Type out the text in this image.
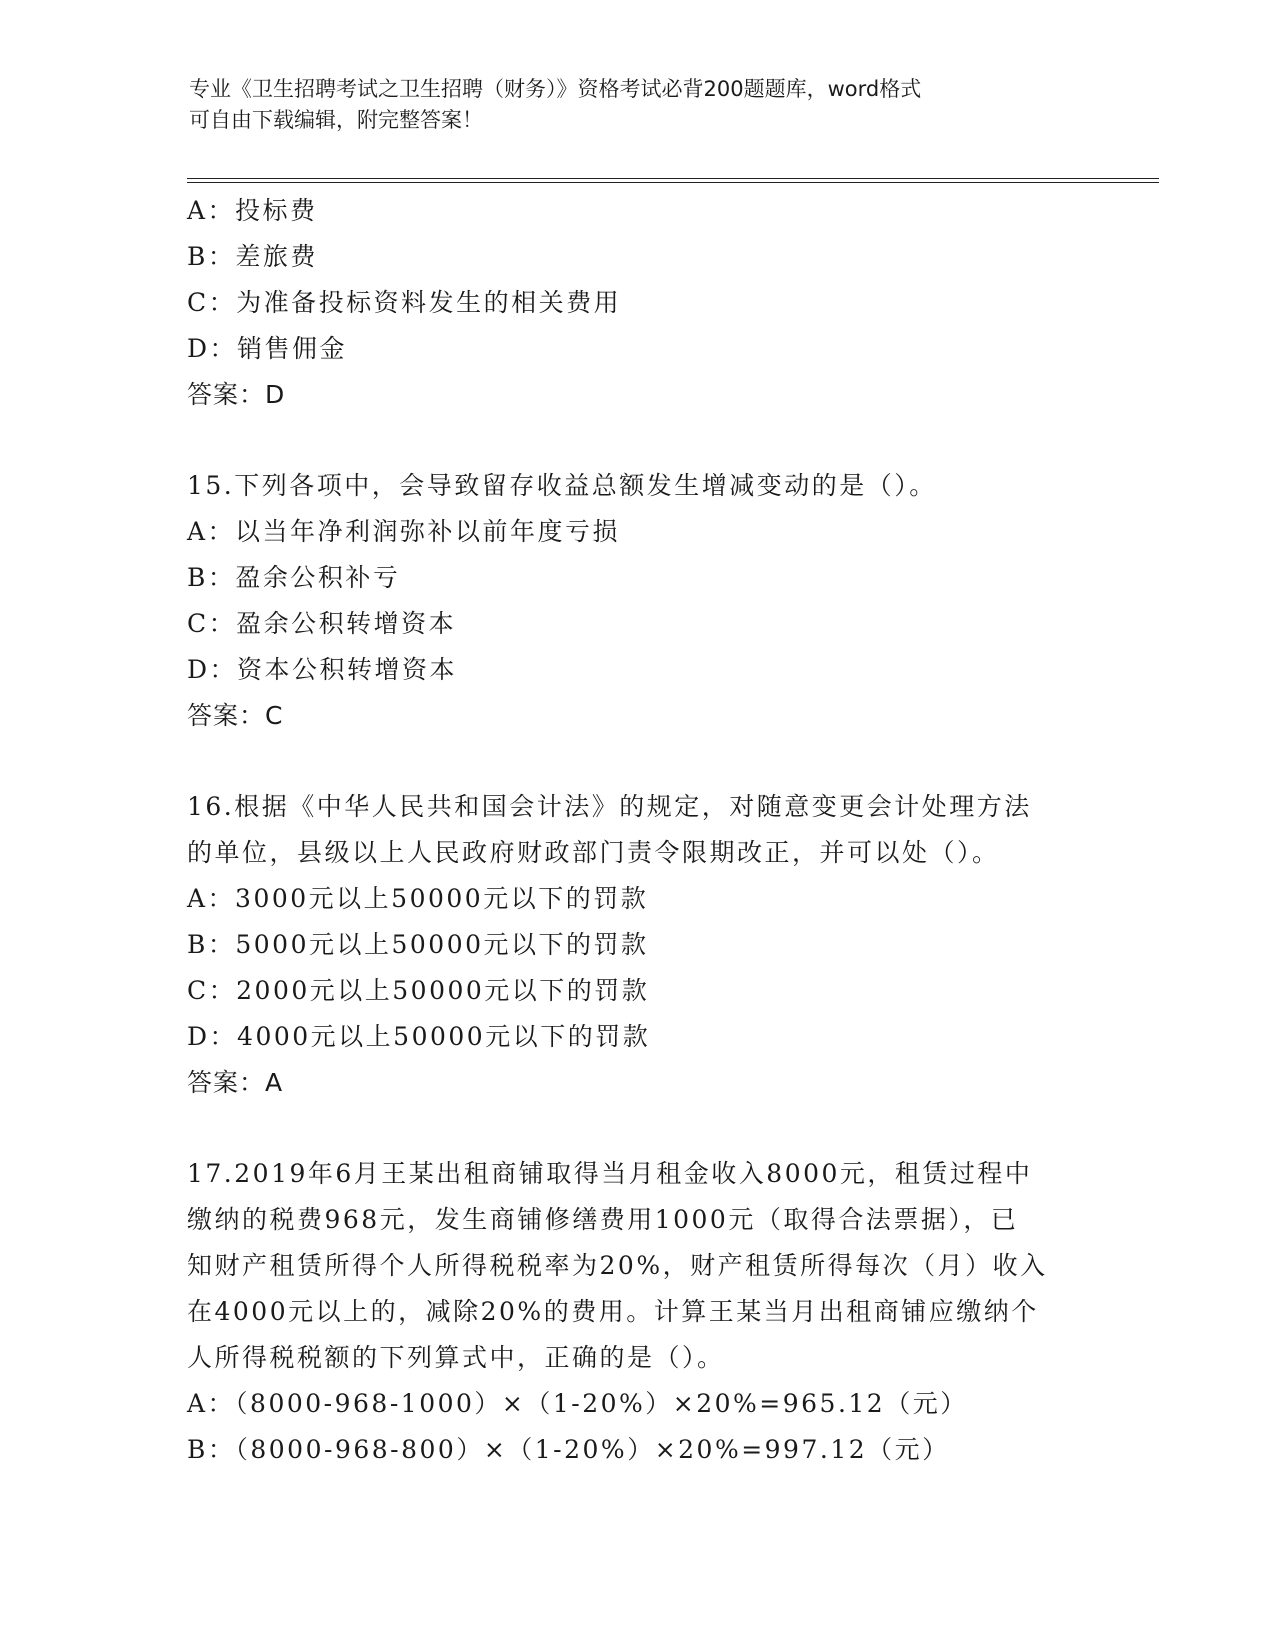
专业《卫生招聘考试之卫生招聘（财务）》资格考试必背200题题库，word格式
可自由下载编辑，附完整答案！
A：投标费
B：差旅费
C：为准备投标资料发生的相关费用
D：销售佣金
答案：D
15.下列各项中，会导致留存收益总额发生增减变动的是（）。
A：以当年净利润弥补以前年度亏损
B：盈余公积补亏
C：盈余公积转增资本
D：资本公积转增资本
答案：C
16.根据《中华人民共和国会计法》的规定，对随意变更会计处理方法
的单位，县级以上人民政府财政部门责令限期改正，并可以处（）。
A：3000元以上50000元以下的罚款
B：5000元以上50000元以下的罚款
C：2000元以上50000元以下的罚款
D：4000元以上50000元以下的罚款
答案：A
17.2019年6月王某出租商铺取得当月租金收入8000元，租赁过程中
缴纳的税费968元，发生商铺修缮费用1000元（取得合法票据），已
知财产租赁所得个人所得税税率为20%，财产租赁所得每次（月）收入
在4000元以上的，减除20%的费用。计算王某当月出租商铺应缴纳个
人所得税税额的下列算式中，正确的是（）。
A：（8000-968-1000）×（1-20%）×20%=965.12（元）
B：（8000-968-800）×（1-20%）×20%=997.12（元）
